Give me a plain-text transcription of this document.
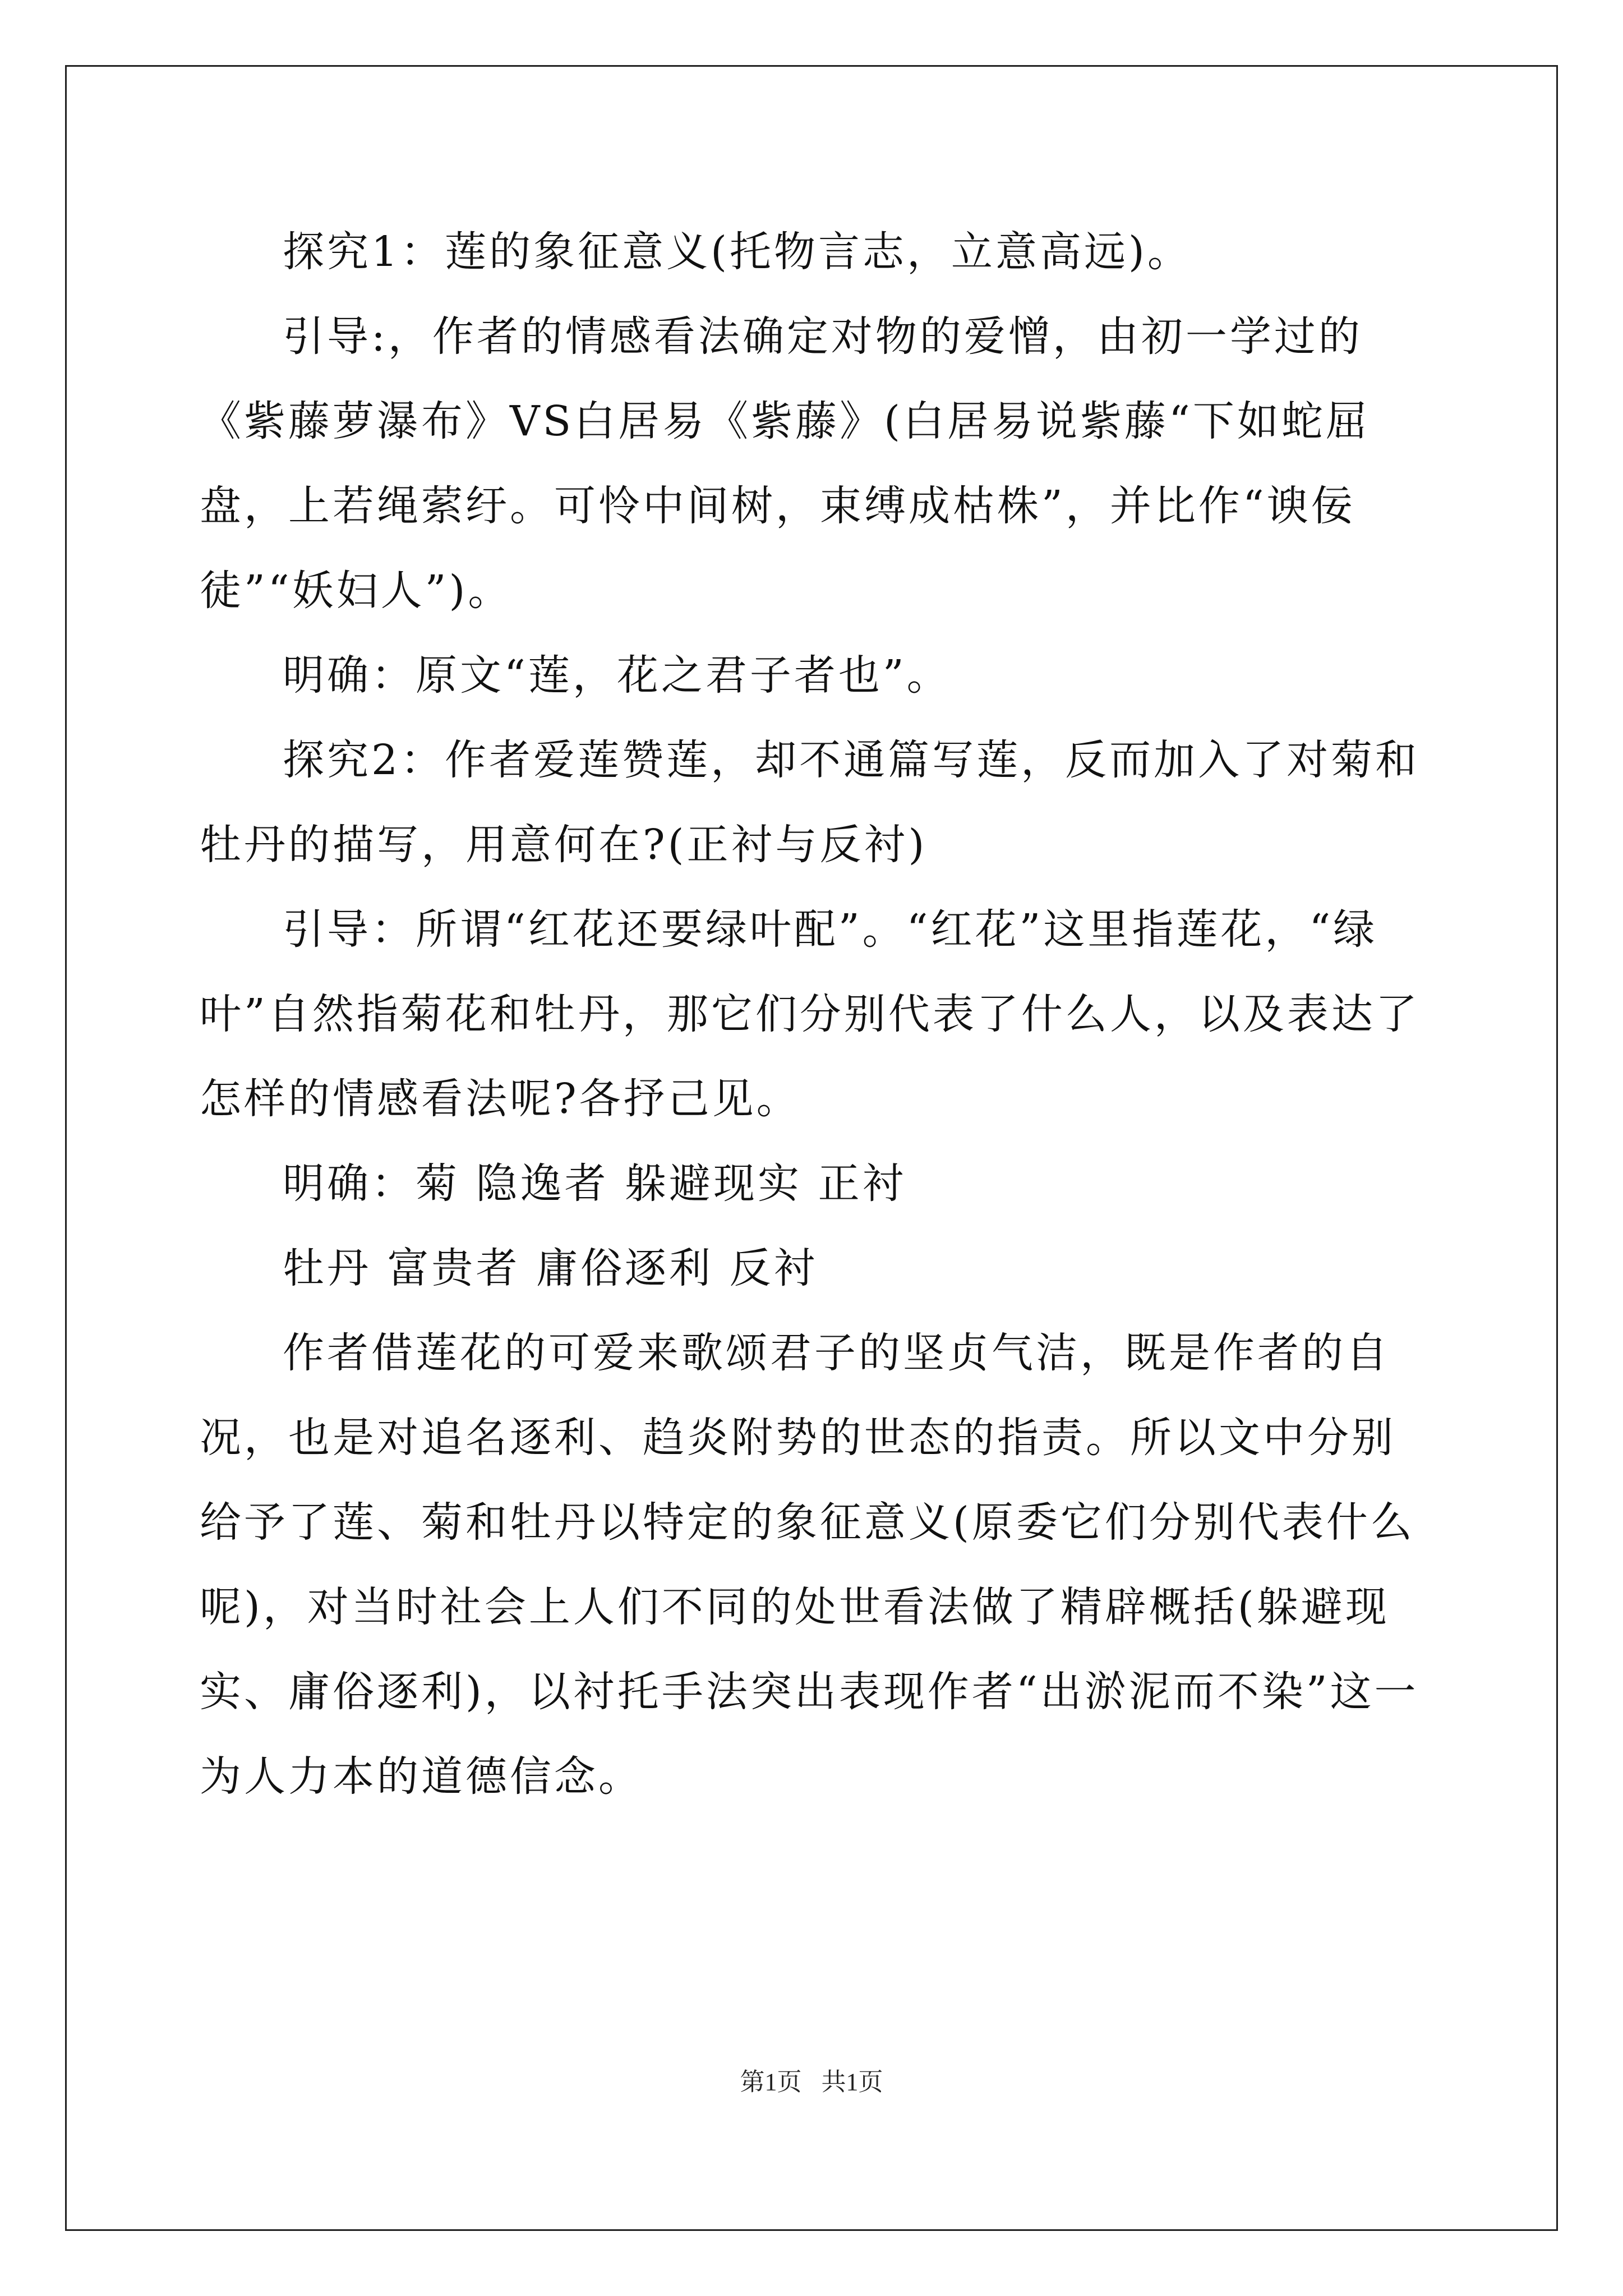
探究1：莲的象征意义(托物言志，立意高远)。

引导:，作者的情感看法确定对物的爱憎，由初一学过的《紫藤萝瀑布》VS白居易《紫藤》(白居易说紫藤“下如蛇屈盘，上若绳萦纡。可怜中间树，束缚成枯株”，并比作“谀佞徒”“妖妇人”)。

明确：原文“莲，花之君子者也”。

探究2：作者爱莲赞莲，却不通篇写莲，反而加入了对菊和牡丹的描写，用意何在?(正衬与反衬)

引导：所谓“红花还要绿叶配”。“红花”这里指莲花，“绿叶”自然指菊花和牡丹，那它们分别代表了什么人，以及表达了怎样的情感看法呢?各抒己见。

明确：菊 隐逸者 躲避现实 正衬

牡丹 富贵者 庸俗逐利 反衬

作者借莲花的可爱来歌颂君子的坚贞气洁，既是作者的自况，也是对追名逐利、趋炎附势的世态的指责。所以文中分别给予了莲、菊和牡丹以特定的象征意义(原委它们分别代表什么呢)，对当时社会上人们不同的处世看法做了精辟概括(躲避现实、庸俗逐利)，以衬托手法突出表现作者“出淤泥而不染”这一为人力本的道德信念。

第1页 共1页
